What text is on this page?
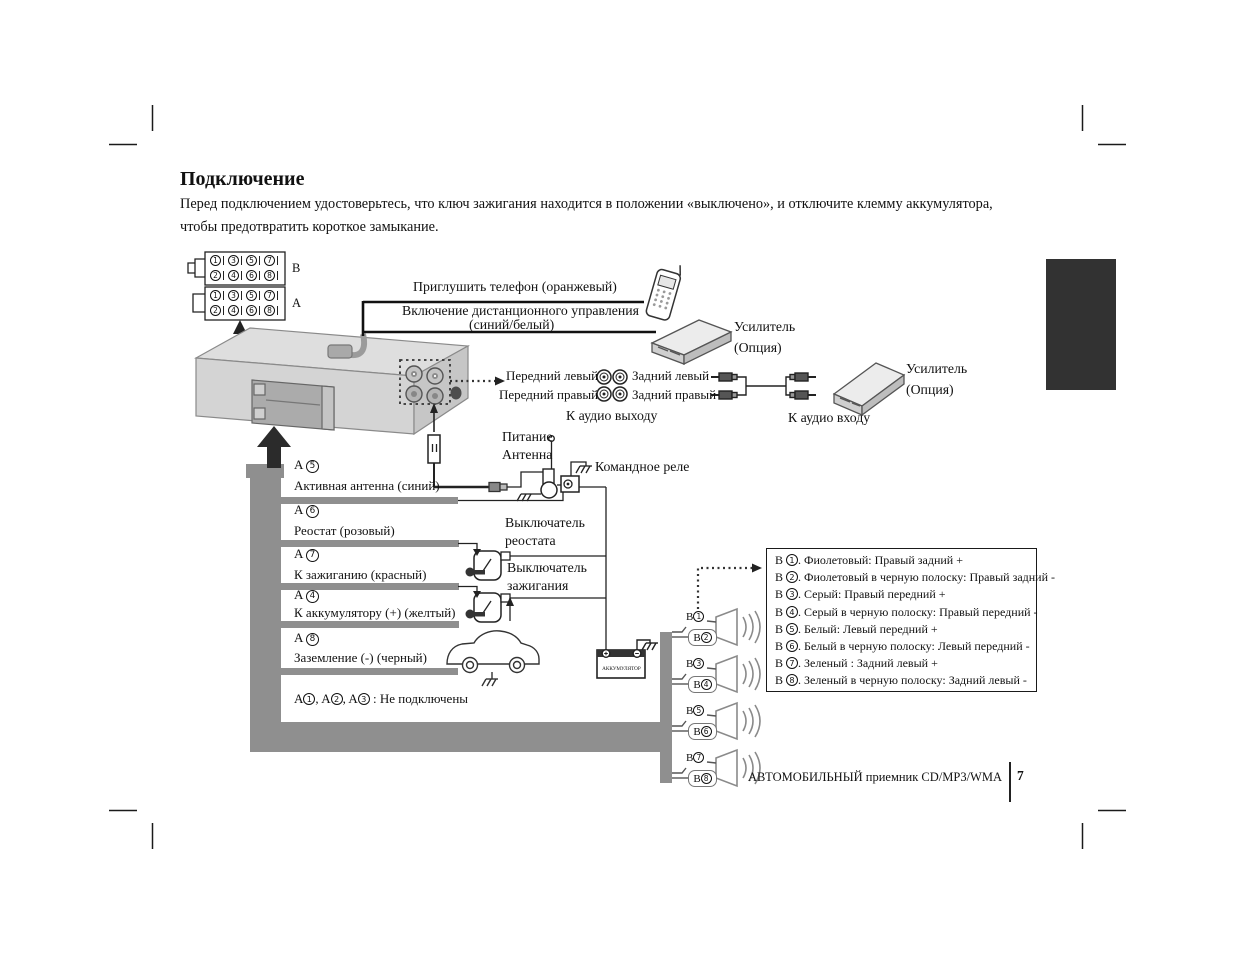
Подключение
Перед подключением удостоверьтесь, что ключ зажигания находится в положении «выключено», и отключите клемму аккумулятора,
чтобы предотвратить короткое замыкание.
B
A
Приглушить телефон (оранжевый)
Включение дистанционного управления
(синий/белый)	Усилитель
(Опция)
Передний левый
Передний правый
Задний левый
Задний правый
К аудио выходу	К аудио входу
Усилитель
(Опция)
Питание
Антенна
Командное реле
Выключатель
реостата
Выключатель
зажигания
АККУМУЛЯТОР
B 1 . Фиолетовый: Правый задний +
B 2 . Фиолетовый в черную полоску: Правый задний -
B 3 . Серый: Правый передний +
B 4 . Серый в черную полоску: Правый передний -
B 5 . Белый: Левый передний +
B 6 . Белый в черную полоску: Левый передний -
B 7 . Зеленый : Задний левый +
B 8 . Зеленый в черную полоску: Задний левый -
АВТОМОБИЛЬНЫЙ приемник CD/MP3/WMA 7
1	3	5	7
2	4	6	8
1	3	5	7
2	4	6	8
A 5
Активная антенна (синий)
A 6
Реостат (розовый)
A 7
К зажиганию (красный)
A 4
К аккумулятору (+) (желтый)
A 8
Заземление (-) (черный)
A 1 , A 2 , A 3 : Не подключены
B 1
B 2
B 3
B 4
B 5
B 6
B 7
B 8
